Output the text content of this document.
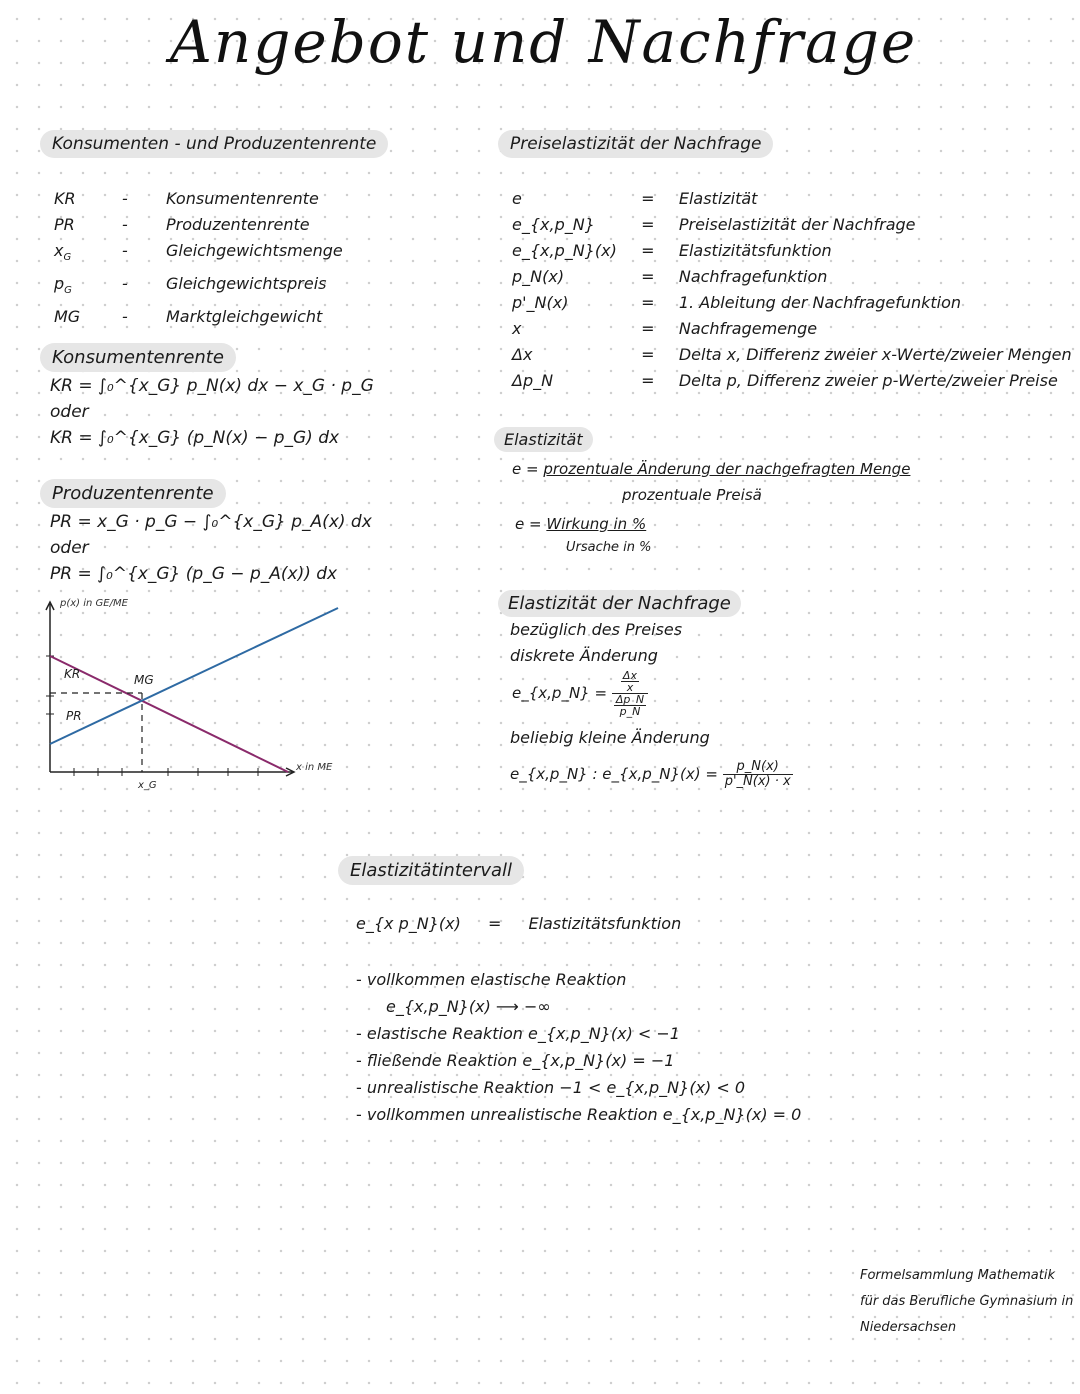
Angebot und Nachfrage
Konsumenten - und Produzentenrente	Preiselastizität der Nachfrage
KR	-	Konsumentenrente
PR	-	Produzentenrente
$x_G$	-	Gleichgewichtsmenge
$p_G$	-	Gleichgewichtspreis
MG	-	Marktgleichgewicht
Konsumentenrente
KR = ∫₀^{x_G} p_N(x) dx − x_G · p_G
oder
KR = ∫₀^{x_G} (p_N(x) − p_G) dx
Produzentenrente
PR = x_G · p_G − ∫₀^{x_G} p_A(x) dx
oder
PR = ∫₀^{x_G} (p_G − p_A(x)) dx
p(x) in GE/ME
x in ME
KR
PR
MG
x_G
e	=	Elastizität
e_{x,p_N}	=	Preiselastizität der Nachfrage
e_{x,p_N}(x)	=	Elastizitätsfunktion
p_N(x)	=	Nachfragefunktion
p'_N(x)	=	1. Ableitung der Nachfragefunktion
x	=	Nachfragemenge
Δx	=	Delta x, Differenz zweier x-Werte/zweier Mengen
Δp_N	=	Delta p, Differenz zweier p-Werte/zweier Preise
Elastizität
e = prozentuale Änderung der nachgefragten Menge
prozentuale Preisä
e = Wirkung in %
Ursache in %
Elastizität der Nachfrage
bezüglich des Preises
diskrete Änderung
e_{x,p_N} = $\frac{\frac{\Delta x}{x}}{\frac{\Delta p\_N}{p\_N}}$
beliebig kleine Änderung
e_{x,p_N} : e_{x,p_N}(x) = $\frac{p\_N(x)}{p'\_N(x) \cdot x}$
Elastizitätintervall
e_{x p_N}(x) = Elastizitätsfunktion
- vollkommen elastische Reaktion
e_{x,p_N}(x) ⟶ −∞
- elastische Reaktion e_{x,p_N}(x) < −1
- fließende Reaktion e_{x,p_N}(x) = −1
- unrealistische Reaktion −1 < e_{x,p_N}(x) < 0
- vollkommen unrealistische Reaktion e_{x,p_N}(x) = 0
Formelsammlung Mathematik
für das Berufliche Gymnasium in
Niedersachsen
